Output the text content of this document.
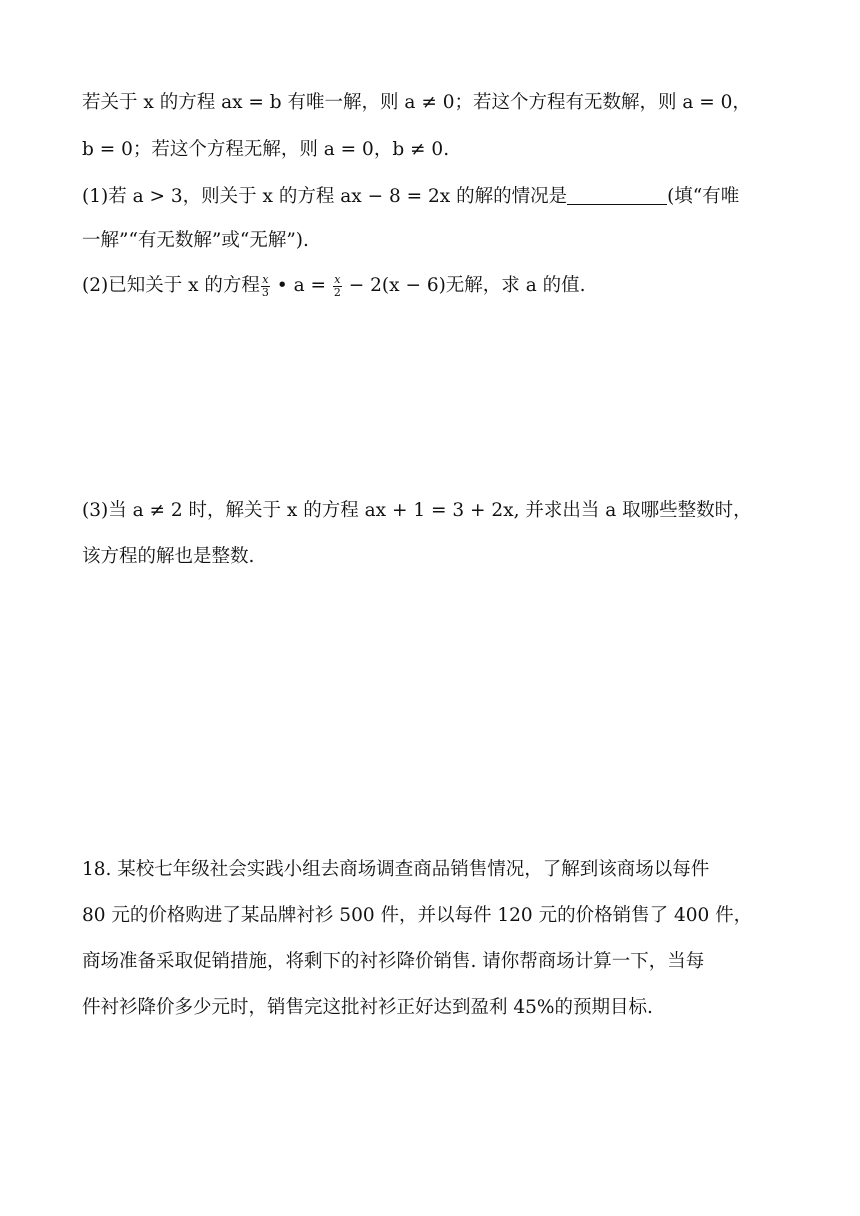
若关于 x 的方程 ax = b 有唯一解，则 a ≠ 0；若这个方程有无数解，则 a = 0，
b = 0；若这个方程无解，则 a = 0，b ≠ 0.
(1)若 a > 3，则关于 x 的方程 ax − 8 = 2x 的解的情况是	(填“有唯
一解”“有无数解”或“无解”).
(2)已知关于 x 的方程 $\frac{x}{3}$ • $a = \frac{x}{2} - 2(x - 6)$无解，求 a 的值.
(3)当 a ≠ 2 时，解关于 x 的方程 ax + 1 = 3 + 2x, 并求出当 a 取哪些整数时，
该方程的解也是整数.
18. 某校七年级社会实践小组去商场调查商品销售情况，了解到该商场以每件
80 元的价格购进了某品牌衬衫 500 件，并以每件 120 元的价格销售了 400 件，
商场准备采取促销措施，将剩下的衬衫降价销售. 请你帮商场计算一下，当每
件衬衫降价多少元时，销售完这批衬衫正好达到盈利 45%的预期目标.
